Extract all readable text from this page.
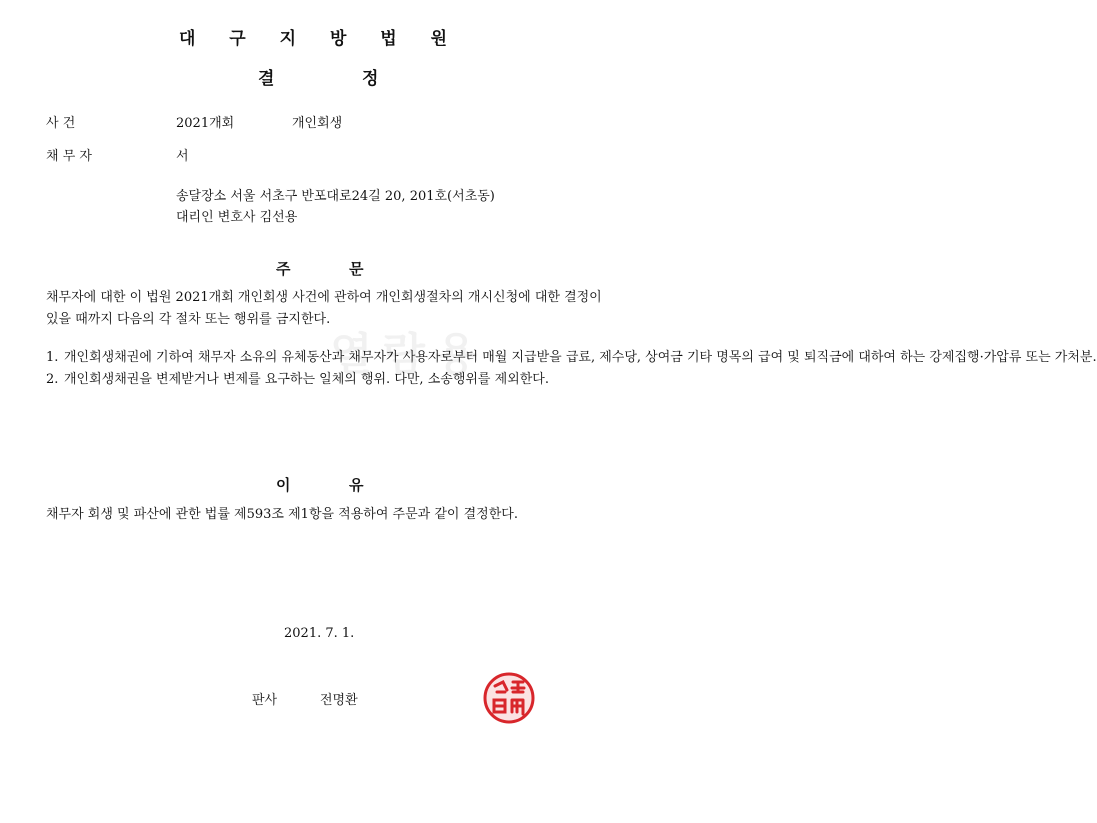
대 구 지 방 법 원
결	정
사 건	2021개회	개인회생
채 무 자	서
송달장소 서울 서초구 반포대로24길 20, 201호(서초동)
대리인 변호사 김선용
열람용
주	문
채무자에 대한 이 법원 2021개회 개인회생 사건에 관하여 개인회생절차의 개시신청에 대한 결정이 있을 때까지 다음의 각 절차 또는 행위를 금지한다.
1. 개인회생채권에 기하여 채무자 소유의 유체동산과 채무자가 사용자로부터 매월 지급받을 급료, 제수당, 상여금 기타 명목의 급여 및 퇴직금에 대하여 하는 강제집행·가압류 또는 가처분.
2. 개인회생채권을 변제받거나 변제를 요구하는 일체의 행위. 다만, 소송행위를 제외한다.
이	유
채무자 회생 및 파산에 관한 법률 제593조 제1항을 적용하여 주문과 같이 결정한다.
2021. 7. 1.
판사	전명환
